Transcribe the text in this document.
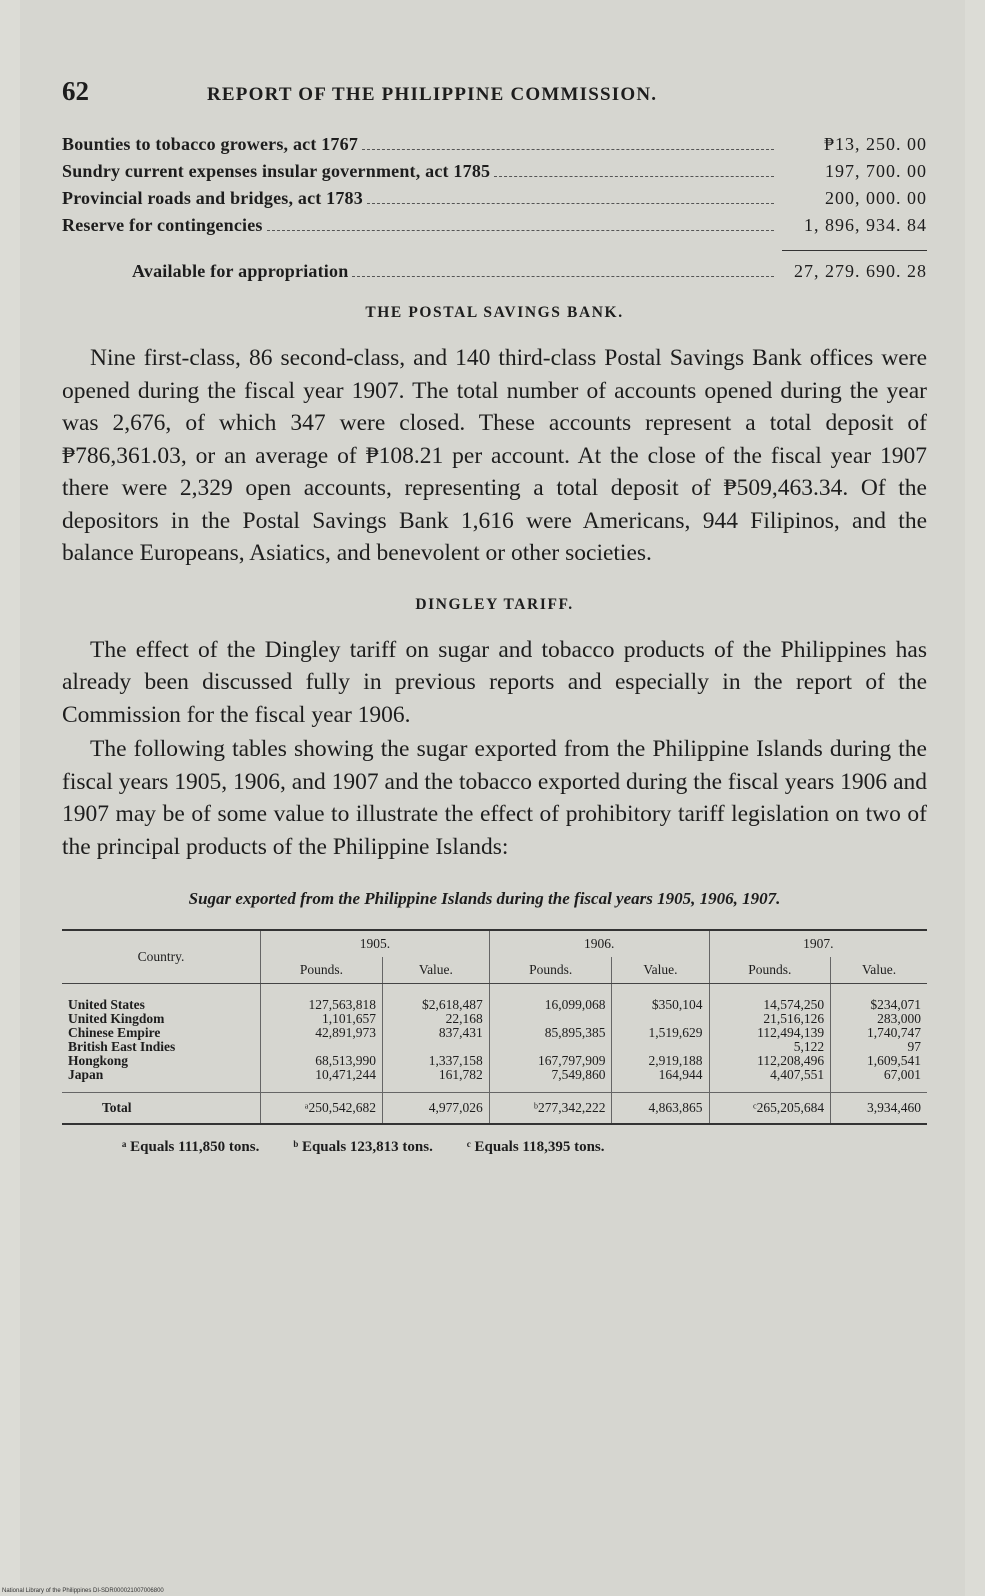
62	REPORT OF THE PHILIPPINE COMMISSION.
Bounties to tobacco growers, act 1767	₱13, 250. 00
Sundry current expenses insular government, act 1785	197, 700. 00
Provincial roads and bridges, act 1783	200, 000. 00
Reserve for contingencies	1, 896, 934. 84
Available for appropriation	27, 279. 690. 28
THE POSTAL SAVINGS BANK.

Nine first-class, 86 second-class, and 140 third-class Postal Savings Bank offices were opened during the fiscal year 1907. The total number of accounts opened during the year was 2,676, of which 347 were closed. These accounts represent a total deposit of ₱786,361.03, or an average of ₱108.21 per account. At the close of the fiscal year 1907 there were 2,329 open accounts, representing a total deposit of ₱509,463.34. Of the depositors in the Postal Savings Bank 1,616 were Americans, 944 Filipinos, and the balance Europeans, Asiatics, and benevolent or other societies.

DINGLEY TARIFF.

The effect of the Dingley tariff on sugar and tobacco products of the Philippines has already been discussed fully in previous reports and especially in the report of the Commission for the fiscal year 1906.

The following tables showing the sugar exported from the Philippine Islands during the fiscal years 1905, 1906, and 1907 and the tobacco exported during the fiscal years 1906 and 1907 may be of some value to illustrate the effect of prohibitory tariff legislation on two of the principal products of the Philippine Islands:

Sugar exported from the Philippine Islands during the fiscal years 1905, 1906, 1907.
Country.	1905.		1906.		1907.	
	Pounds.	Value.	Pounds.	Value.	Pounds.	Value.
United States	127,563,818	$2,618,487	16,099,068	$350,104	14,574,250	$234,071
United Kingdom	1,101,657	22,168			21,516,126	283,000
Chinese Empire	42,891,973	837,431	85,895,385	1,519,629	112,494,139	1,740,747
British East Indies					5,122	97
Hongkong	68,513,990	1,337,158	167,797,909	2,919,188	112,208,496	1,609,541
Japan	10,471,244	161,782	7,549,860	164,944	4,407,551	67,001
Total	ᵃ250,542,682	4,977,026	ᵇ277,342,222	4,863,865	ᶜ265,205,684	3,934,460
ᵃ Equals 111,850 tons. ᵇ Equals 123,813 tons. ᶜ Equals 118,395 tons.
National Library of the Philippines DI-SDR000021007006800
